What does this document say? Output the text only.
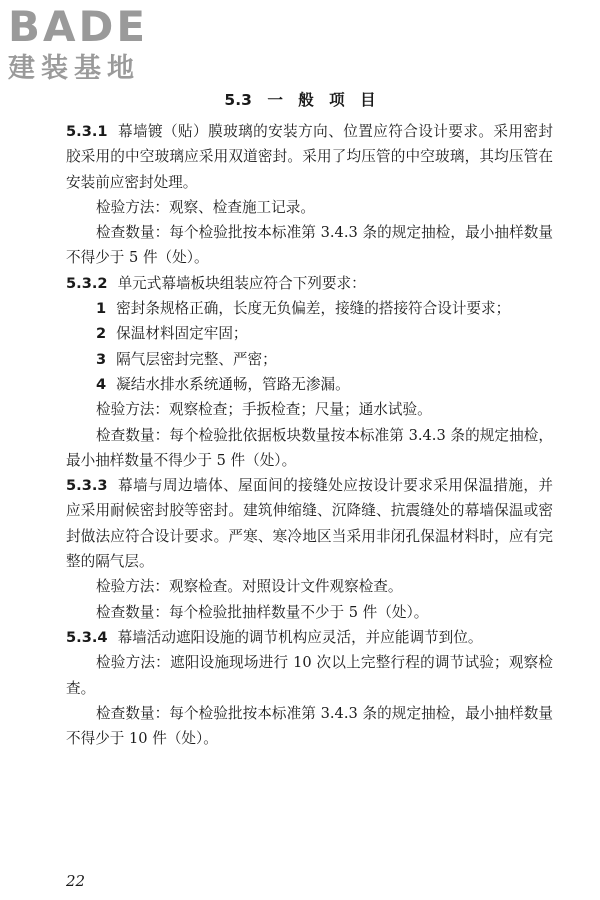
BADE
建装基地
5.3　一 般 项 目

5.3.1 幕墙镀（贴）膜玻璃的安装方向、位置应符合设计要求。采用密封胶采用的中空玻璃应采用双道密封。采用了均压管的中空玻璃，其均压管在安装前应密封处理。

检验方法：观察、检查施工记录。

检查数量：每个检验批按本标准第 3.4.3 条的规定抽检，最小抽样数量不得少于 5 件（处）。

5.3.2 单元式幕墙板块组装应符合下列要求：

1 密封条规格正确，长度无负偏差，接缝的搭接符合设计要求；

2 保温材料固定牢固；

3 隔气层密封完整、严密；

4 凝结水排水系统通畅，管路无渗漏。

检验方法：观察检查；手扳检查；尺量；通水试验。

检查数量：每个检验批依据板块数量按本标准第 3.4.3 条的规定抽检，最小抽样数量不得少于 5 件（处）。

5.3.3 幕墙与周边墙体、屋面间的接缝处应按设计要求采用保温措施，并应采用耐候密封胶等密封。建筑伸缩缝、沉降缝、抗震缝处的幕墙保温或密封做法应符合设计要求。严寒、寒冷地区当采用非闭孔保温材料时，应有完整的隔气层。

检验方法：观察检查。对照设计文件观察检查。

检查数量：每个检验批抽样数量不少于 5 件（处）。

5.3.4 幕墙活动遮阳设施的调节机构应灵活，并应能调节到位。

检验方法：遮阳设施现场进行 10 次以上完整行程的调节试验；观察检查。

检查数量：每个检验批按本标准第 3.4.3 条的规定抽检，最小抽样数量不得少于 10 件（处）。

22
